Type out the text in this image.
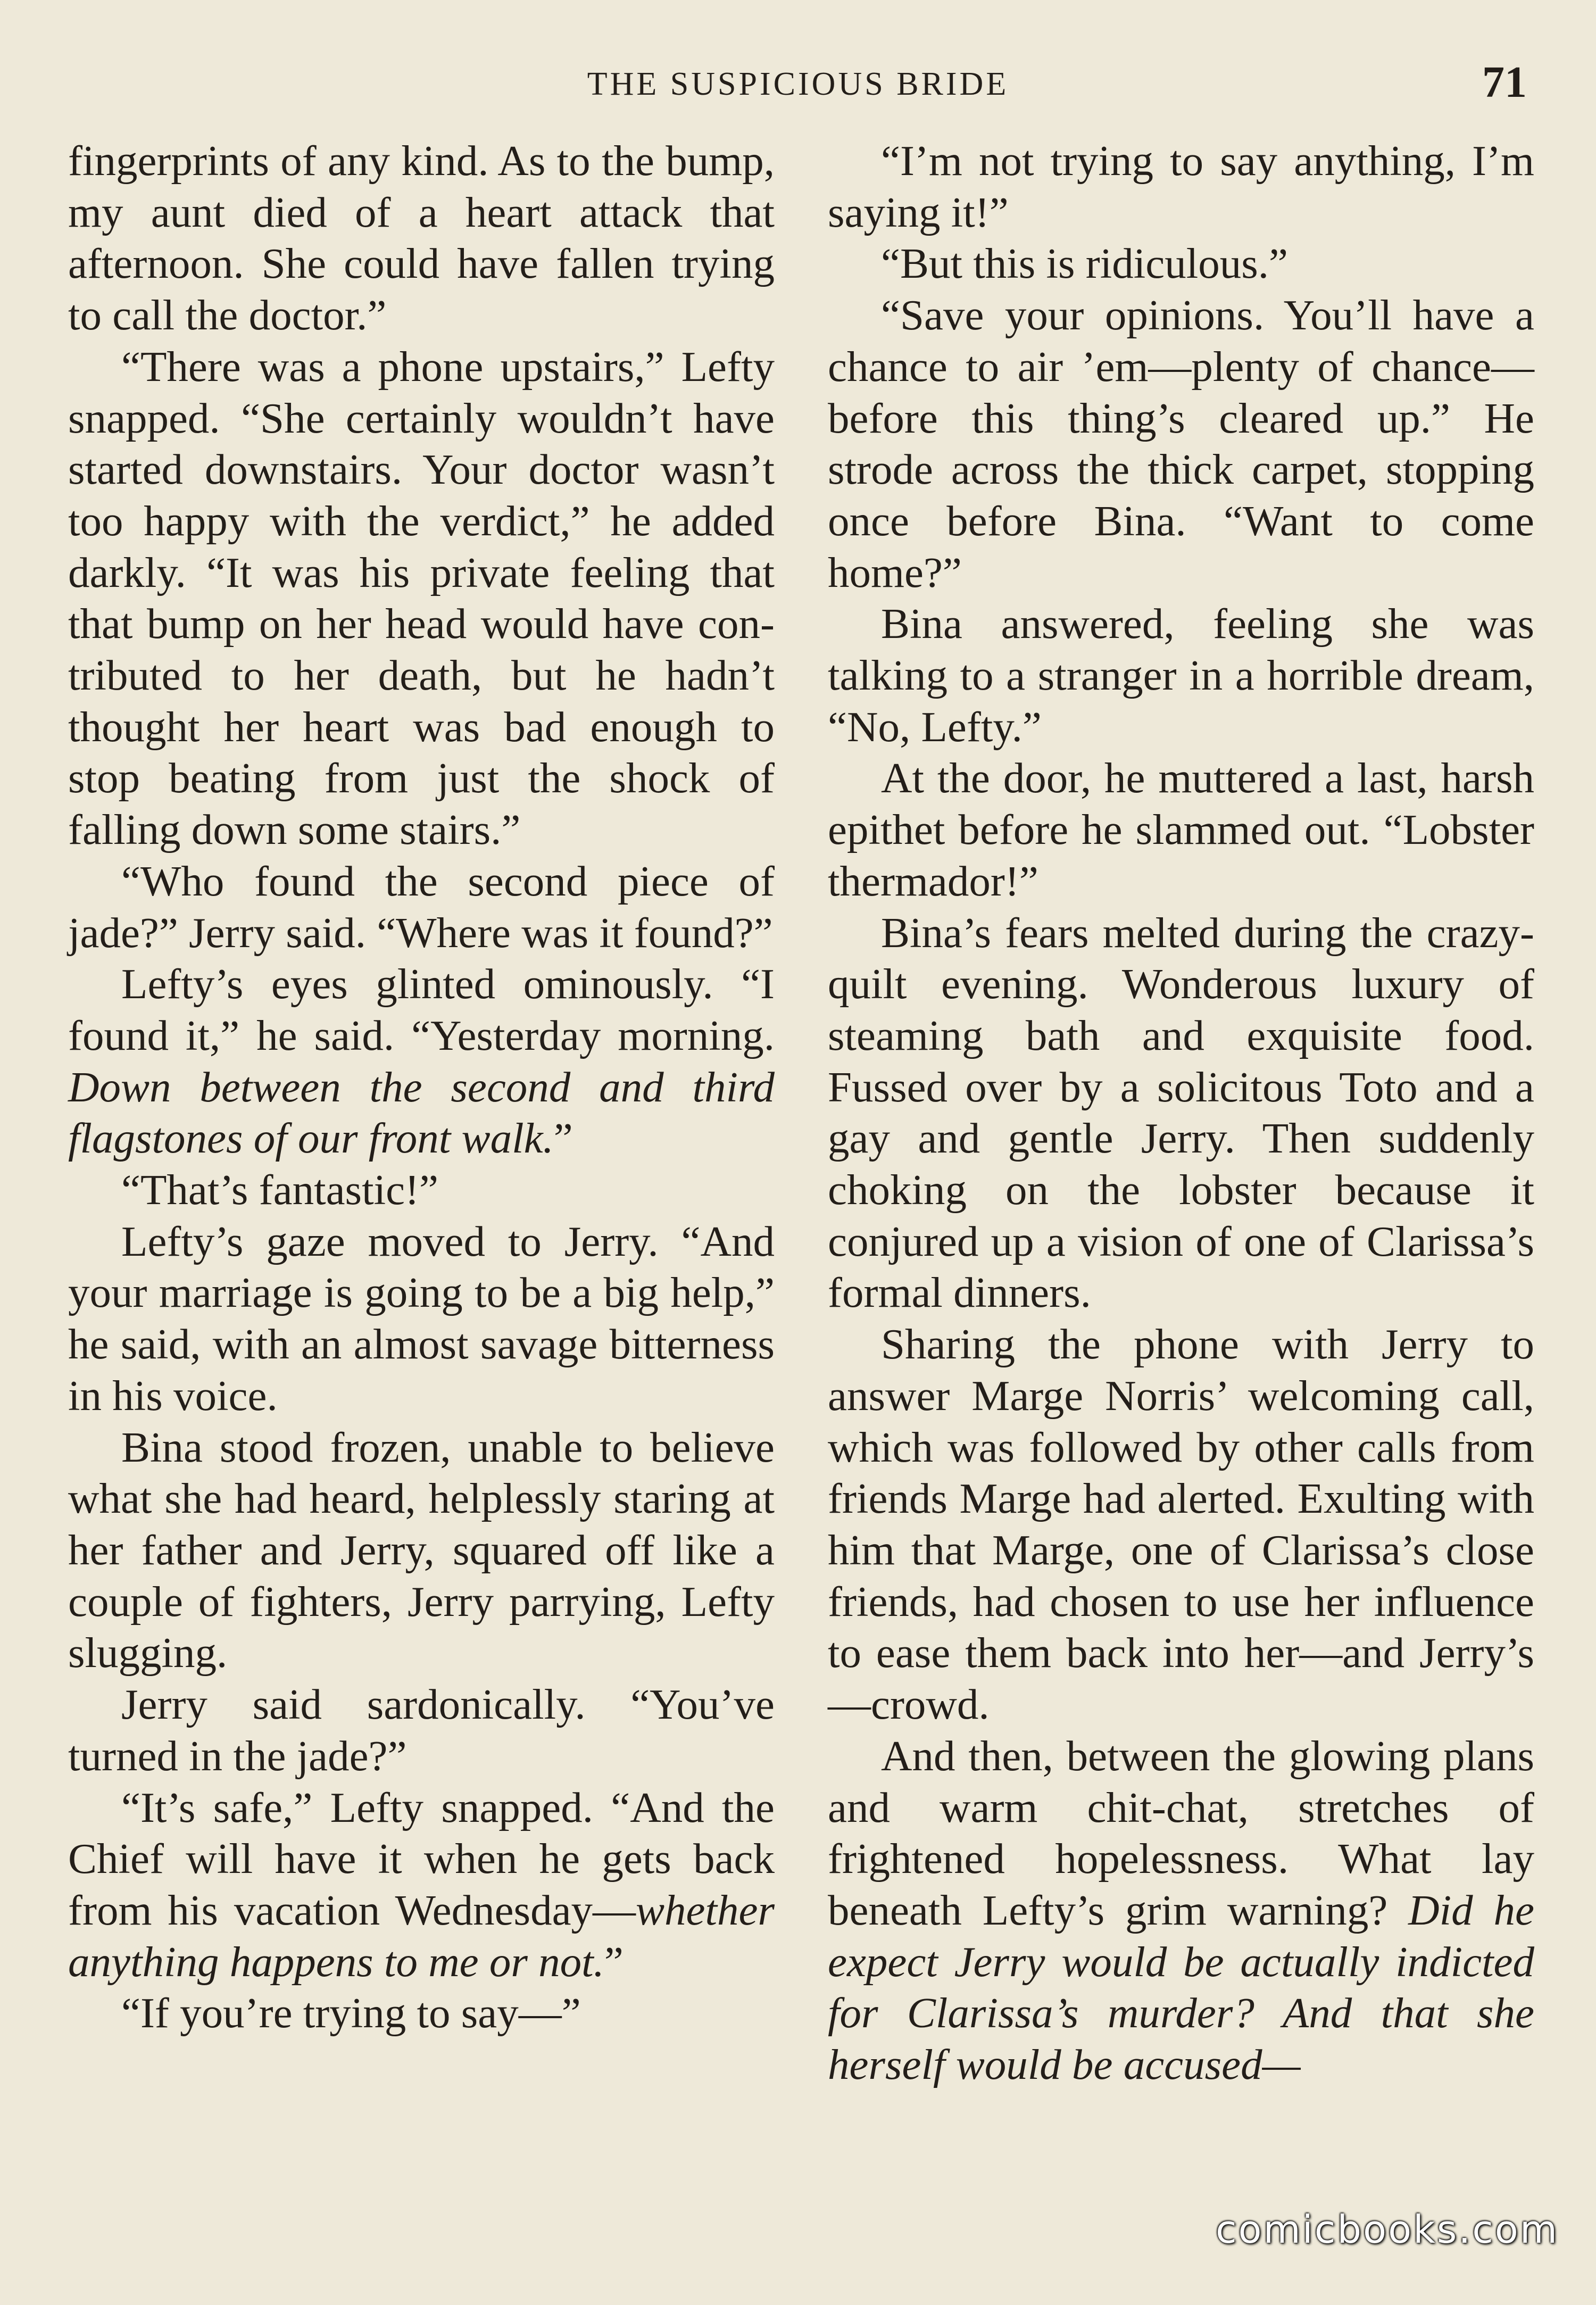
THE SUSPICIOUS BRIDE	71

fingerprints of any kind. As to the bump, my aunt died of a heart attack that afternoon. She could have fallen trying to call the doctor.”

“There was a phone upstairs,” Lefty snapped. “She certainly wouldn’t have started downstairs. Your doctor wasn’t too happy with the verdict,” he added darkly. “It was his private feeling that that bump on her head would have contributed to her death, but he hadn’t thought her heart was bad enough to stop beating from just the shock of falling down some stairs.”

“Who found the second piece of jade?” Jerry said. “Where was it found?”

Lefty’s eyes glinted ominously. “I found it,” he said. “Yesterday morning. Down between the second and third flagstones of our front walk.”

“That’s fantastic!”

Lefty’s gaze moved to Jerry. “And your marriage is going to be a big help,” he said, with an almost savage bitterness in his voice.

Bina stood frozen, unable to believe what she had heard, helplessly staring at her father and Jerry, squared off like a couple of fighters, Jerry parrying, Lefty slugging.

Jerry said sardonically. “You’ve turned in the jade?”

“It’s safe,” Lefty snapped. “And the Chief will have it when he gets back from his vacation Wednesday—whether anything happens to me or not.”

“If you’re trying to say—”

“I’m not trying to say anything, I’m saying it!”

“But this is ridiculous.”

“Save your opinions. You’ll have a chance to air ’em—plenty of chance—before this thing’s cleared up.” He strode across the thick carpet, stopping once before Bina. “Want to come home?”

Bina answered, feeling she was talking to a stranger in a horrible dream, “No, Lefty.”

At the door, he muttered a last, harsh epithet before he slammed out. “Lobster thermador!”

Bina’s fears melted during the crazy-quilt evening. Wonderous luxury of steaming bath and exquisite food. Fussed over by a solicitous Toto and a gay and gentle Jerry. Then suddenly choking on the lobster because it conjured up a vision of one of Clarissa’s formal dinners.

Sharing the phone with Jerry to answer Marge Norris’ welcoming call, which was followed by other calls from friends Marge had alerted. Exulting with him that Marge, one of Clarissa’s close friends, had chosen to use her influence to ease them back into her—and Jerry’s—crowd.

And then, between the glowing plans and warm chit-chat, stretches of frightened hopelessness. What lay beneath Lefty’s grim warning? Did he expect Jerry would be actually indicted for Clarissa’s murder? And that she herself would be accused—

comicbooks.com
